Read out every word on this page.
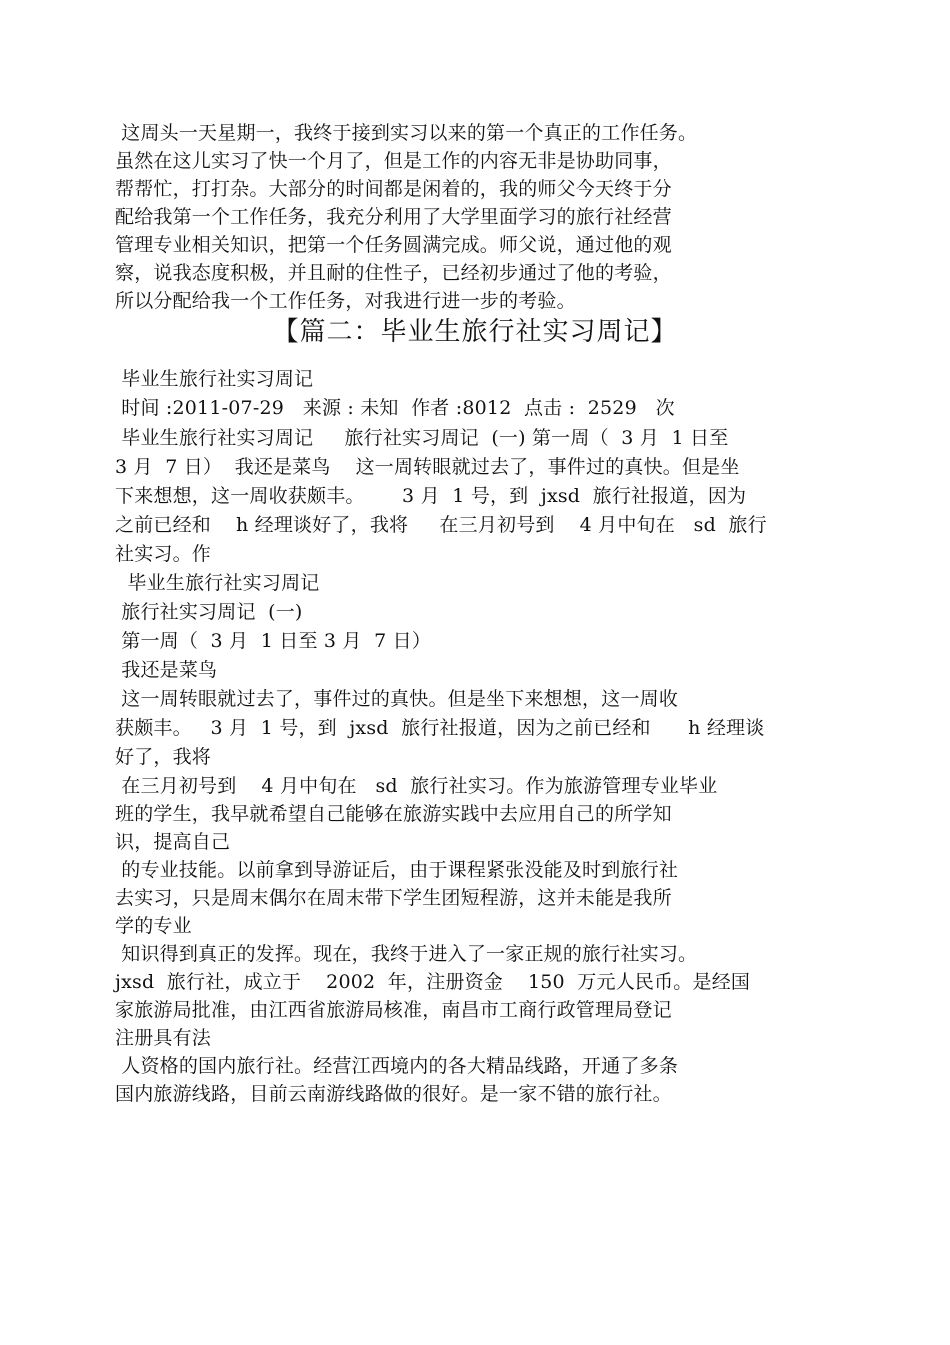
这周头一天星期一，我终于接到实习以来的第一个真正的工作任务。
虽然在这儿实习了快一个月了，但是工作的内容无非是协助同事，
帮帮忙，打打杂。大部分的时间都是闲着的，我的师父今天终于分
配给我第一个工作任务，我充分利用了大学里面学习的旅行社经营
管理专业相关知识，把第一个任务圆满完成。师父说，通过他的观
察，说我态度积极，并且耐的住性子，已经初步通过了他的考验，
所以分配给我一个工作任务，对我进行进一步的考验。
【篇二：毕业生旅行社实习周记】
毕业生旅行社实习周记
时间 :2011-07-29   来源 : 未知  作者 :8012  点击 :  2529   次
毕业生旅行社实习周记     旅行社实习周记  (一) 第一周（  3 月  1 日至
3 月  7 日）  我还是菜鸟    这一周转眼就过去了，事件过的真快。但是坐
下来想想，这一周收获颇丰。      3 月  1 号，到  jxsd  旅行社报道，因为
之前已经和    h 经理谈好了，我将     在三月初号到    4 月中旬在   sd  旅行
社实习。作
毕业生旅行社实习周记
旅行社实习周记  (一)
第一周（  3 月  1 日至 3 月  7 日）
我还是菜鸟
这一周转眼就过去了，事件过的真快。但是坐下来想想，这一周收
获颇丰。   3 月  1 号，到  jxsd  旅行社报道，因为之前已经和      h 经理谈
好了，我将
在三月初号到    4 月中旬在   sd  旅行社实习。作为旅游管理专业毕业
班的学生，我早就希望自己能够在旅游实践中去应用自己的所学知
识，提高自己
的专业技能。以前拿到导游证后，由于课程紧张没能及时到旅行社
去实习，只是周末偶尔在周末带下学生团短程游，这并未能是我所
学的专业
知识得到真正的发挥。现在，我终于进入了一家正规的旅行社实习。
jxsd  旅行社，成立于    2002  年，注册资金    150  万元人民币。是经国
家旅游局批准，由江西省旅游局核准，南昌市工商行政管理局登记
注册具有法
人资格的国内旅行社。经营江西境内的各大精品线路，开通了多条
国内旅游线路，目前云南游线路做的很好。是一家不错的旅行社。
